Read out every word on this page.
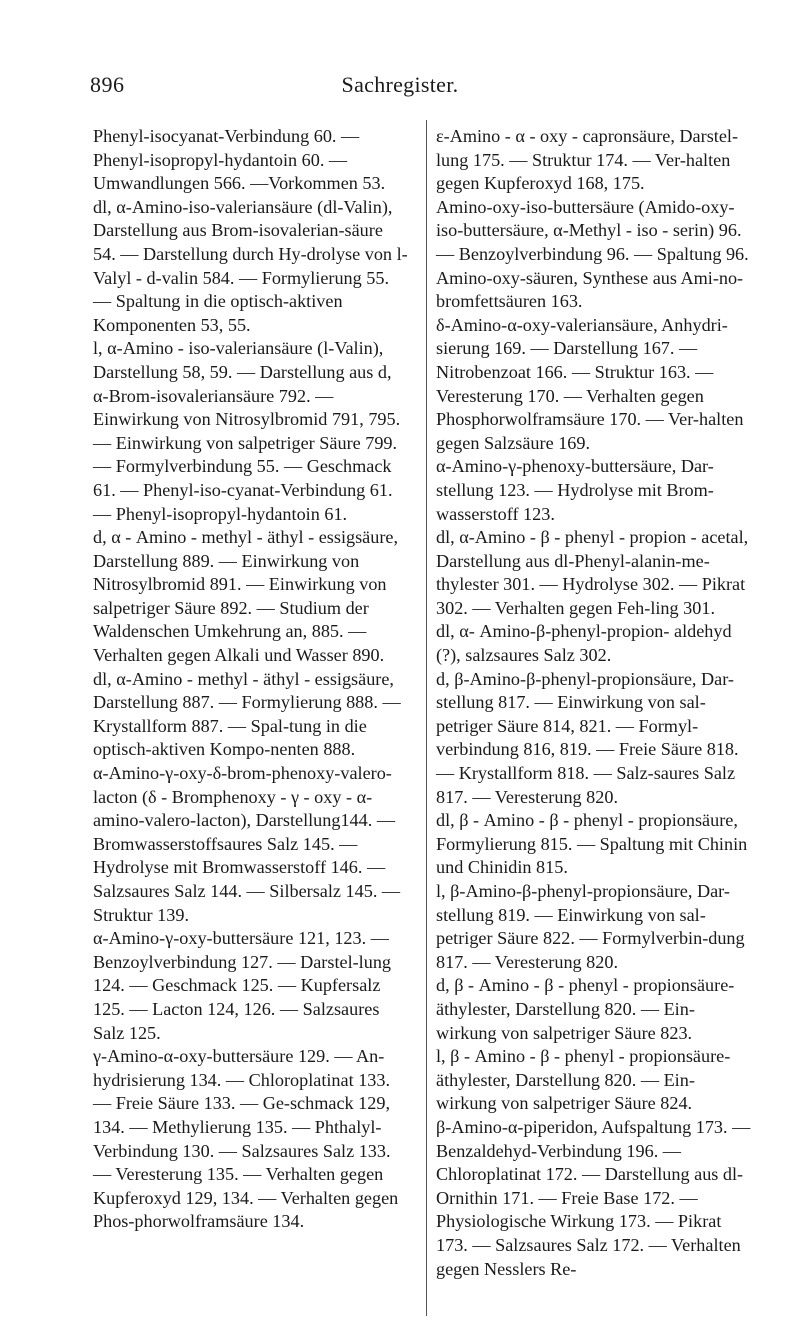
896	Sachregister.

Phenyl-isocyanat-Verbindung 60. — Phenyl-isopropyl-hydantoin 60. — Umwandlungen 566. —Vorkommen 53.

dl, α-Amino-iso-valeriansäure (dl-Valin), Darstellung aus Brom-isovalerian-säure 54. — Darstellung durch Hy-drolyse von l-Valyl - d-valin 584. — Formylierung 55. — Spaltung in die optisch-aktiven Komponenten 53, 55.

l, α-Amino - iso-valeriansäure (l-Valin), Darstellung 58, 59. — Darstellung aus d, α-Brom-isovaleriansäure 792. — Einwirkung von Nitrosylbromid 791, 795. — Einwirkung von salpetriger Säure 799. — Formylverbindung 55. — Geschmack 61. — Phenyl-iso-cyanat-Verbindung 61. — Phenyl-isopropyl-hydantoin 61.

d, α - Amino - methyl - äthyl - essigsäure, Darstellung 889. — Einwirkung von Nitrosylbromid 891. — Einwirkung von salpetriger Säure 892. — Studium der Waldenschen Umkehrung an, 885. — Verhalten gegen Alkali und Wasser 890.

dl, α-Amino - methyl - äthyl - essigsäure, Darstellung 887. — Formylierung 888. — Krystallform 887. — Spal-tung in die optisch-aktiven Kompo-nenten 888.

α-Amino-γ-oxy-δ-brom-phenoxy-valero-lacton (δ - Bromphenoxy - γ - oxy - α-amino-valero-lacton), Darstellung144. — Bromwasserstoffsaures Salz 145. — Hydrolyse mit Bromwasserstoff 146. — Salzsaures Salz 144. — Silbersalz 145. — Struktur 139.

α-Amino-γ-oxy-buttersäure 121, 123. — Benzoylverbindung 127. — Darstel-lung 124. — Geschmack 125. — Kupfersalz 125. — Lacton 124, 126. — Salzsaures Salz 125.

γ-Amino-α-oxy-buttersäure 129. — An-hydrisierung 134. — Chloroplatinat 133. — Freie Säure 133. — Ge-schmack 129, 134. — Methylierung 135. — Phthalyl-Verbindung 130. — Salzsaures Salz 133. — Veresterung 135. — Verhalten gegen Kupferoxyd 129, 134. — Verhalten gegen Phos-phorwolframsäure 134.

ε-Amino - α - oxy - capronsäure, Darstel-lung 175. — Struktur 174. — Ver-halten gegen Kupferoxyd 168, 175.

Amino-oxy-iso-buttersäure (Amido-oxy-iso-buttersäure, α-Methyl - iso - serin) 96. — Benzoylverbindung 96. — Spaltung 96.

Amino-oxy-säuren, Synthese aus Ami-no-bromfettsäuren 163.

δ-Amino-α-oxy-valeriansäure, Anhydri-sierung 169. — Darstellung 167. — Nitrobenzoat 166. — Struktur 163. — Veresterung 170. — Verhalten gegen Phosphorwolframsäure 170. — Ver-halten gegen Salzsäure 169.

α-Amino-γ-phenoxy-buttersäure, Dar-stellung 123. — Hydrolyse mit Brom-wasserstoff 123.

dl, α-Amino - β - phenyl - propion - acetal, Darstellung aus dl-Phenyl-alanin-me-thylester 301. — Hydrolyse 302. — Pikrat 302. — Verhalten gegen Feh-ling 301.

dl, α- Amino-β-phenyl-propion- aldehyd (?), salzsaures Salz 302.

d, β-Amino-β-phenyl-propionsäure, Dar-stellung 817. — Einwirkung von sal-petriger Säure 814, 821. — Formyl-verbindung 816, 819. — Freie Säure 818. — Krystallform 818. — Salz-saures Salz 817. — Veresterung 820.

dl, β - Amino - β - phenyl - propionsäure, Formylierung 815. — Spaltung mit Chinin und Chinidin 815.

l, β-Amino-β-phenyl-propionsäure, Dar-stellung 819. — Einwirkung von sal-petriger Säure 822. — Formylverbin-dung 817. — Veresterung 820.

d, β - Amino - β - phenyl - propionsäure-äthylester, Darstellung 820. — Ein-wirkung von salpetriger Säure 823.

l, β - Amino - β - phenyl - propionsäure-äthylester, Darstellung 820. — Ein-wirkung von salpetriger Säure 824.

β-Amino-α-piperidon, Aufspaltung 173. — Benzaldehyd-Verbindung 196. — Chloroplatinat 172. — Darstellung aus dl-Ornithin 171. — Freie Base 172. — Physiologische Wirkung 173. — Pikrat 173. — Salzsaures Salz 172. — Verhalten gegen Nesslers Re-
